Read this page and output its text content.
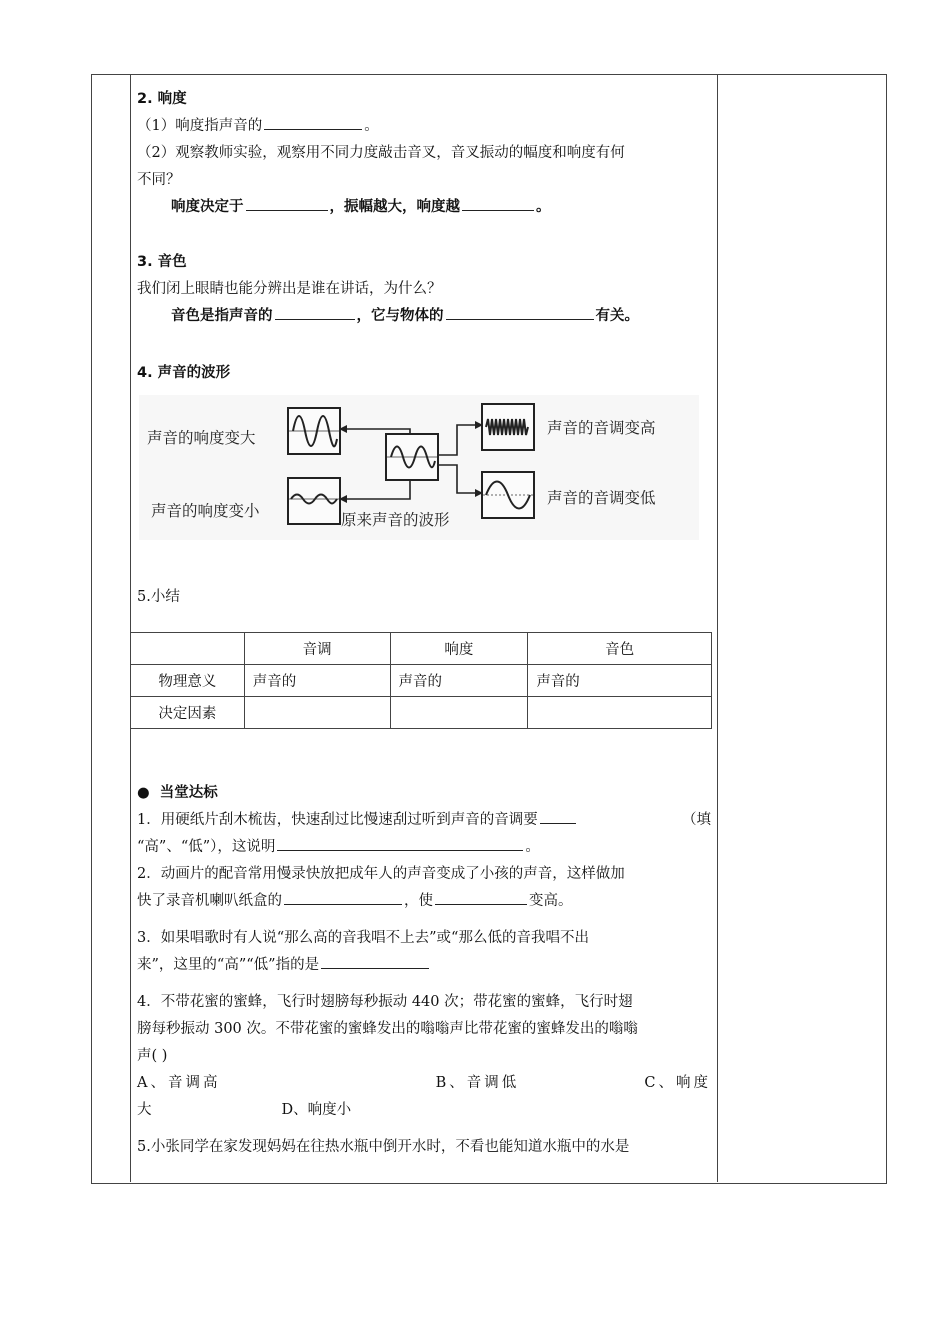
2. 响度

（1）响度指声音的	。

（2）观察教师实验，观察用不同力度敲击音叉，音叉振动的幅度和响度有何

不同？

响度决定于	，振幅越大，响度越	。

3. 音色

我们闭上眼睛也能分辨出是谁在讲话，为什么？

音色是指声音的	，它与物体的	有关。

4. 声音的波形

声音的响度变大
声音的响度变小	原来声音的波形
声音的音调变高
声音的音调变低

5.小结

	音调	响度	音色
物理意义	声音的	声音的	声音的
决定因素			

● 当堂达标

1．用硬纸片刮木梳齿，快速刮过比慢速刮过听到声音的音调要	（填

“高”、“低”），这说明	。

2．动画片的配音常用慢录快放把成年人的声音变成了小孩的声音，这样做加

快了录音机喇叭纸盒的	，使	变高。

3．如果唱歌时有人说“那么高的音我唱不上去”或“那么低的音我唱不出

来”，这里的“高”“低”指的是

4．不带花蜜的蜜蜂，飞行时翅膀每秒振动 440 次；带花蜜的蜜蜂，飞行时翅

膀每秒振动 300 次。不带花蜜的蜜蜂发出的嗡嗡声比带花蜜的蜜蜂发出的嗡嗡

声( )

A、音调高	B、音调低	C、响度

大	D、响度小

5.小张同学在家发现妈妈在往热水瓶中倒开水时，不看也能知道水瓶中的水是
